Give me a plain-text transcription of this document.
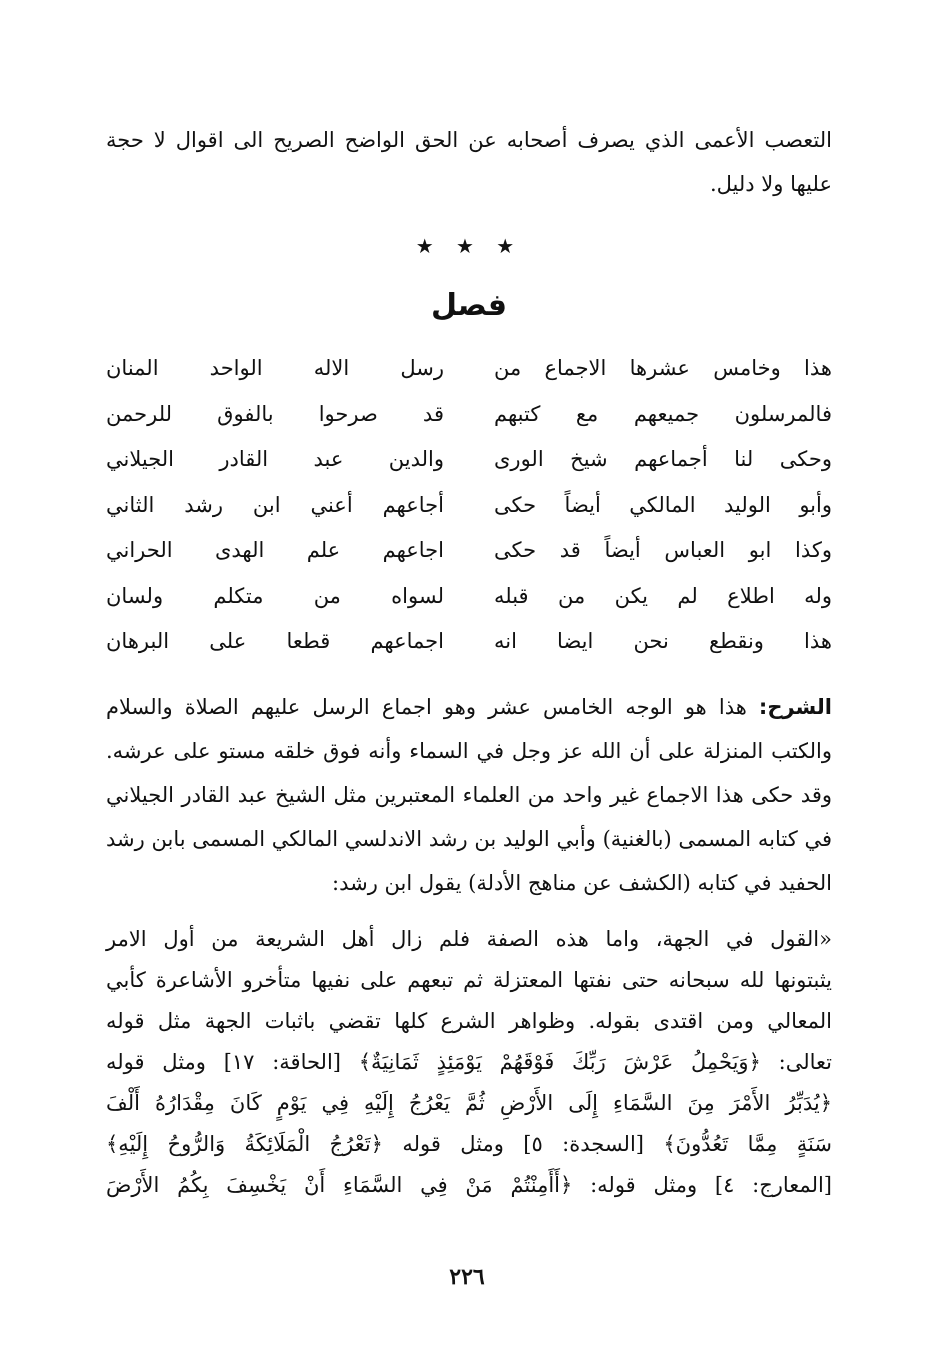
التعصب الأعمى الذي يصرف أصحابه عن الحق الواضح الصريح الى اقوال لا حجة عليها ولا دليل.

★ ★ ★
فصل
هذا وخامس عشرها الاجماع من
رسل الاله الواحد المنان
فالمرسلون جميعهم مع كتبهم
قد صرحوا بالفوق للرحمن
وحكى لنا أجماعهم شيخ الورى
والدين عبد القادر الجيلاني
وأبو الوليد المالكي أيضاً حكى
أجاعهم أعني ابن رشد الثاني
وكذا ابو العباس أيضاً قد حكى
اجاعهم علم الهدى الحراني
وله اطلاع لم يكن من قبله
لسواه من متكلم ولسان
هذا ونقطع نحن ايضا انه
اجماعهم قطعا على البرهان

الشرح: هذا هو الوجه الخامس عشر وهو اجماع الرسل عليهم الصلاة والسلام والكتب المنزلة على أن الله عز وجل في السماء وأنه فوق خلقه مستو على عرشه. وقد حكى هذا الاجماع غير واحد من العلماء المعتبرين مثل الشيخ عبد القادر الجيلاني في كتابه المسمى (بالغنية) وأبي الوليد بن رشد الاندلسي المالكي المسمى بابن رشد الحفيد في كتابه (الكشف عن مناهج الأدلة) يقول ابن رشد:

«القول في الجهة، واما هذه الصفة فلم زال أهل الشريعة من أول الامر
يثبتونها لله سبحانه حتى نفتها المعتزلة ثم تبعهم على نفيها متأخرو الأشاعرة كأبي
المعالي ومن اقتدى بقوله. وظواهر الشرع كلها تقضي باثبات الجهة مثل قوله
تعالى: ﴿وَيَحْمِلُ عَرْشَ رَبِّكَ فَوْقَهُمْ يَوْمَئِذٍ ثَمَانِيَةٌ﴾ [الحاقة: ١٧] ومثل قوله
﴿يُدَبِّرُ الأَمْرَ مِنَ السَّمَاءِ إِلَى الأَرْضِ ثُمَّ يَعْرُجُ إِلَيْهِ فِي يَوْمٍ كَانَ مِقْدَارُهُ أَلْفَ
سَنَةٍ مِمَّا تَعُدُّونَ﴾ [السجدة: ٥] ومثل قوله ﴿تَعْرُجُ الْمَلَائِكَةُ وَالرُّوحُ إِلَيْهِ﴾
[المعارج: ٤] ومثل قوله: ﴿أَأَمِنْتُمْ مَنْ فِي السَّمَاءِ أَنْ يَخْسِفَ بِكُمُ الأَرْضَ
٢٢٦
